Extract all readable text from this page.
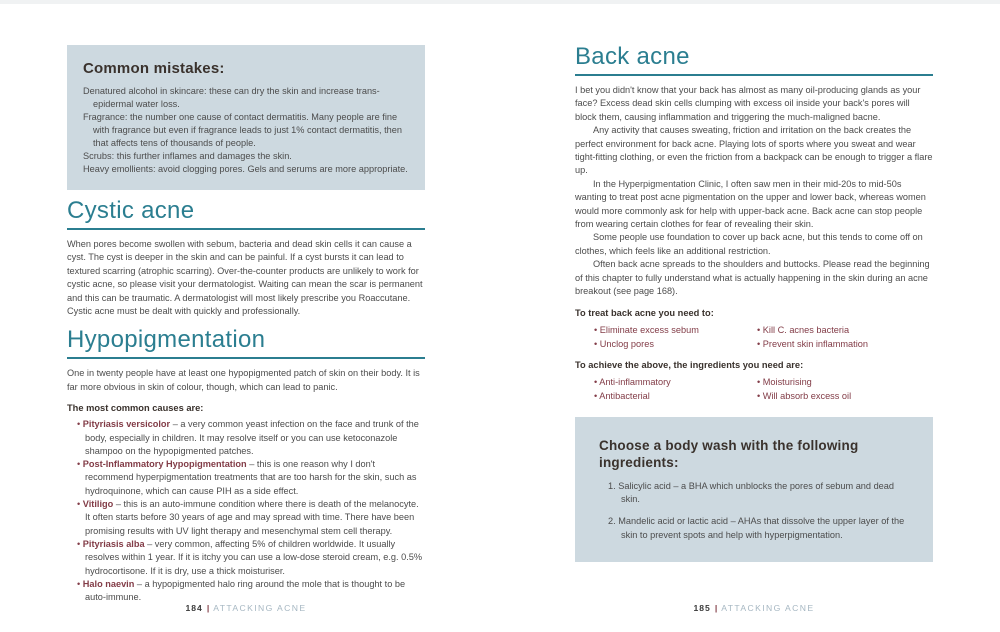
Common mistakes:

Denatured alcohol in skincare: these can dry the skin and increase trans-epidermal water loss.

Fragrance: the number one cause of contact dermatitis. Many people are fine with fragrance but even if fragrance leads to just 1% contact dermatitis, then that affects tens of thousands of people.

Scrubs: this further inflames and damages the skin.

Heavy emollients: avoid clogging pores. Gels and serums are more appropriate.

Cystic acne

When pores become swollen with sebum, bacteria and dead skin cells it can cause a cyst. The cyst is deeper in the skin and can be painful. If a cyst bursts it can lead to textured scarring (atrophic scarring). Over-the-counter products are unlikely to work for cystic acne, so please visit your dermatologist. Waiting can mean the scar is permanent and this can be traumatic. A dermatologist will most likely prescribe you Roaccutane. Cystic acne must be dealt with quickly and professionally.

Hypopigmentation

One in twenty people have at least one hypopigmented patch of skin on their body. It is far more obvious in skin of colour, though, which can lead to panic.

The most common causes are:

• Pityriasis versicolor – a very common yeast infection on the face and trunk of the body, especially in children. It may resolve itself or you can use ketoconazole shampoo on the hypopigmented patches.

• Post-Inflammatory Hypopigmentation – this is one reason why I don't recommend hyperpigmentation treatments that are too harsh for the skin, such as hydroquinone, which can cause PIH as a side effect.

• Vitiligo – this is an auto-immune condition where there is death of the melanocyte. It often starts before 30 years of age and may spread with time. There have been promising results with UV light therapy and mesenchymal stem cell therapy.

• Pityriasis alba – very common, affecting 5% of children worldwide. It usually resolves within 1 year. If it is itchy you can use a low-dose steroid cream, e.g. 0.5% hydrocortisone. If it is dry, use a thick moisturiser.

• Halo naevin – a hypopigmented halo ring around the mole that is thought to be auto-immune.

Back acne

I bet you didn't know that your back has almost as many oil-producing glands as your face? Excess dead skin cells clumping with excess oil inside your back's pores will block them, causing inflammation and triggering the much-maligned bacne.

Any activity that causes sweating, friction and irritation on the back creates the perfect environment for back acne. Playing lots of sports where you sweat and wear tight-fitting clothing, or even the friction from a backpack can be enough to trigger a flare up.

In the Hyperpigmentation Clinic, I often saw men in their mid-20s to mid-50s wanting to treat post acne pigmentation on the upper and lower back, whereas women would more commonly ask for help with upper-back acne. Back acne can stop people from wearing certain clothes for fear of revealing their skin.

Some people use foundation to cover up back acne, but this tends to come off on clothes, which feels like an additional restriction.

Often back acne spreads to the shoulders and buttocks. Please read the beginning of this chapter to fully understand what is actually happening in the skin during an acne breakout (see page 168).

To treat back acne you need to:

• Eliminate excess sebum

• Unclog pores

• Kill C. acnes bacteria

• Prevent skin inflammation

To achieve the above, the ingredients you need are:

• Anti-inflammatory

• Antibacterial

• Moisturising

• Will absorb excess oil

Choose a body wash with the following ingredients:

1. Salicylic acid – a BHA which unblocks the pores of sebum and dead skin.

2. Mandelic acid or lactic acid – AHAs that dissolve the upper layer of the skin to prevent spots and help with hyperpigmentation.

184 | ATTACKING ACNE	185 | ATTACKING ACNE
